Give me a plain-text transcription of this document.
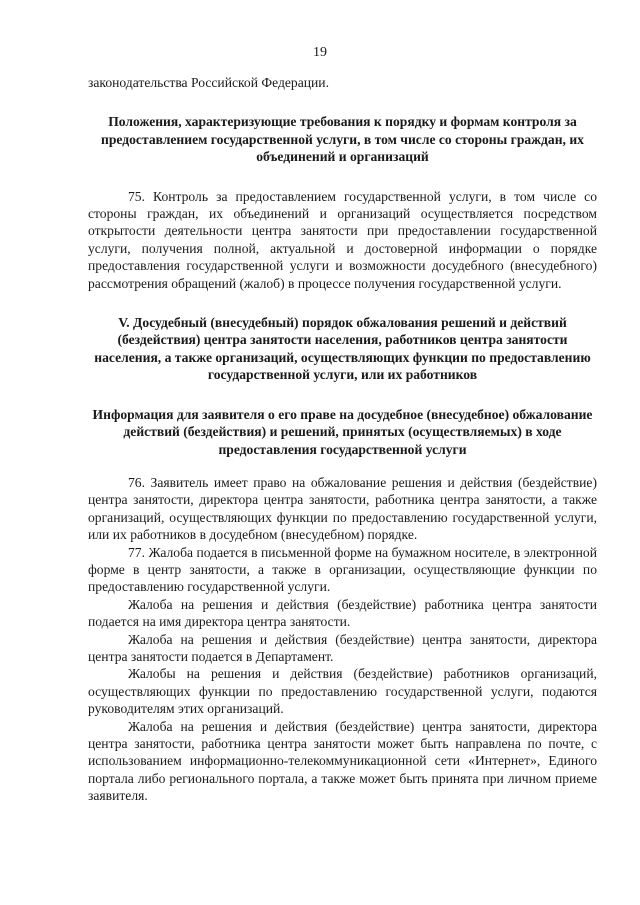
19

законодательства Российской Федерации.

Положения, характеризующие требования к порядку и формам контроля за предоставлением государственной услуги, в том числе со стороны граждан, их объединений и организаций

75. Контроль за предоставлением государственной услуги, в том числе со стороны граждан, их объединений и организаций осуществляется посредством открытости деятельности центра занятости при предоставлении государственной услуги, получения полной, актуальной и достоверной информации о порядке предоставления государственной услуги и возможности досудебного (внесудебного) рассмотрения обращений (жалоб) в процессе получения государственной услуги.

V. Досудебный (внесудебный) порядок обжалования решений и действий (бездействия) центра занятости населения, работников центра занятости населения, а также организаций, осуществляющих функции по предоставлению государственной услуги, или их работников
Информация для заявителя о его праве на досудебное (внесудебное) обжалование действий (бездействия) и решений, принятых (осуществляемых) в ходе предоставления государственной услуги

76. Заявитель имеет право на обжалование решения и действия (бездействие) центра занятости, директора центра занятости, работника центра занятости, а также организаций, осуществляющих функции по предоставлению государственной услуги, или их работников в досудебном (внесудебном) порядке.

77. Жалоба подается в письменной форме на бумажном носителе, в электронной форме в центр занятости, а также в организации, осуществляющие функции по предоставлению государственной услуги.

Жалоба на решения и действия (бездействие) работника центра занятости подается на имя директора центра занятости.

Жалоба на решения и действия (бездействие) центра занятости, директора центра занятости подается в Департамент.

Жалобы на решения и действия (бездействие) работников организаций, осуществляющих функции по предоставлению государственной услуги, подаются руководителям этих организаций.

Жалоба на решения и действия (бездействие) центра занятости, директора центра занятости, работника центра занятости может быть направлена по почте, с использованием информационно-телекоммуникационной сети «Интернет», Единого портала либо регионального портала, а также может быть принята при личном приеме заявителя.
